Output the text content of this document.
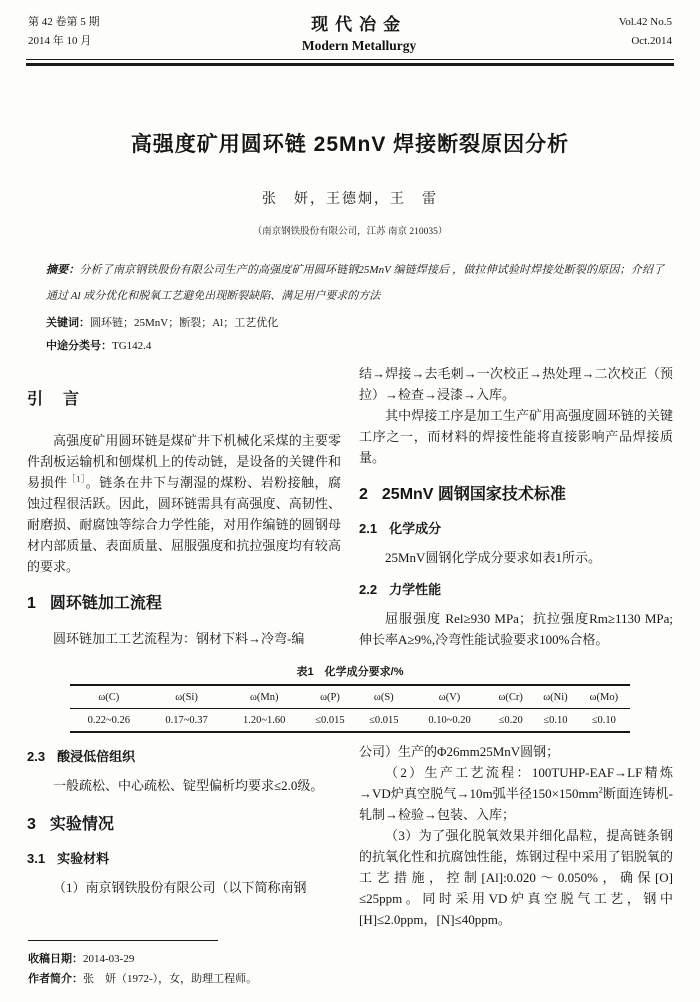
第 42 卷第 5 期
2014 年 10 月
现代冶金
Modern Metallurgy
Vol.42 No.5
Oct.2014
高强度矿用圆环链 25MnV 焊接断裂原因分析
张　妍，王德炯，王　雷
（南京钢铁股份有限公司，江苏 南京 210035）
摘要：分析了南京钢铁股份有限公司生产的高强度矿用圆环链钢25MnV 编链焊接后 ，做拉伸试验时焊接处断裂的原因；介绍了通过 Al 成分优化和脱氧工艺避免出现断裂缺陷、满足用户要求的方法
关键词：圆环链；25MnV；断裂；Al；工艺优化
中途分类号：TG142.4
引　言

高强度矿用圆环链是煤矿井下机械化采煤的主要零件刮板运输机和刨煤机上的传动链，是设备的关键件和易损件$^{[1]}$。链条在井下与潮湿的煤粉、岩粉接触，腐蚀过程很活跃。因此，圆环链需具有高强度、高韧性、耐磨损、耐腐蚀等综合力学性能，对用作编链的圆钢母材内部质量、表面质量、屈服强度和抗拉强度均有较高的要求。

1 圆环链加工流程

圆环链加工工艺流程为：钢材下料→冷弯-编

结→焊接→去毛刺→一次校正→热处理→二次校正（预拉）→检查→浸漆→入库。

其中焊接工序是加工生产矿用高强度圆环链的关键工序之一，而材料的焊接性能将直接影响产品焊接质量。

2 25MnV 圆钢国家技术标准
2.1 化学成分

25MnV圆钢化学成分要求如表1所示。

2.2 力学性能

屈服强度 Rel≥930 MPa；抗拉强度Rm≥1130 MPa;伸长率A≥9%,冷弯性能试验要求100%合格。

表1　化学成分要求/%
ω(C)	ω(Si)	ω(Mn)	ω(P)	ω(S)	ω(V)	ω(Cr)	ω(Ni)	ω(Mo)
0.22~0.26	0.17~0.37	1.20~1.60	≤0.015	≤0.015	0.10~0.20	≤0.20	≤0.10	≤0.10
2.3 酸浸低倍组织

一般疏松、中心疏松、锭型偏析均要求≤2.0级。

3 实验情况
3.1 实验材料

（1）南京钢铁股份有限公司（以下简称南钢

公司）生产的Φ26mm25MnV圆钢；

（2）生产工艺流程：100TUHP-EAF→LF精炼→VD炉真空脱气→10m弧半径$150\times 150mm^2$断面连铸机-轧制→检验→包装、入库；

（3）为了强化脱氧效果并细化晶粒，提高链条钢的抗氧化性和抗腐蚀性能，炼钢过程中采用了铝脱氧的工艺措施，控制[Al]:0.020～0.050%，确保[O] ≤25ppm。同时采用VD炉真空脱气工艺，钢中[H]≤2.0ppm，[N]≤40ppm。

收稿日期：2014-03-29
作者简介：张　妍（1972-），女，助理工程师。
